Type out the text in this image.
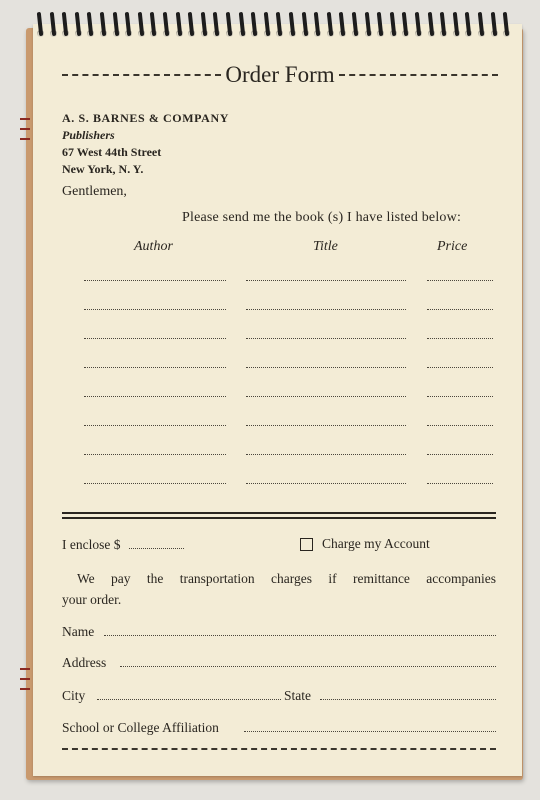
Order Form
A. S. BARNES & COMPANY
Publishers
67 West 44th Street
New York, N. Y.
Gentlemen,
Please send me the book (s) I have listed below:
Author	Title	Price
I enclose $	Charge my Account
We pay the transportation charges if remittance accompanies
your order.
Name
Address
City	State
School or College Affiliation
